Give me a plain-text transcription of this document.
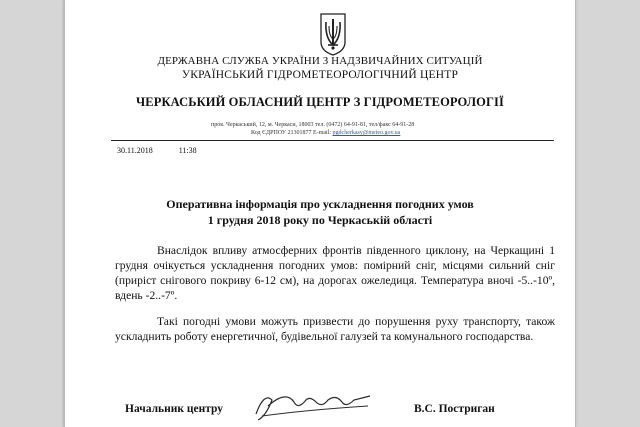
ДЕРЖАВНА СЛУЖБА УКРАЇНИ З НАДЗВИЧАЙНИХ СИТУАЦІЙ
УКРАЇНСЬКИЙ ГІДРОМЕТЕОРОЛОГІЧНИЙ ЦЕНТР
ЧЕРКАСЬКИЙ ОБЛАСНИЙ ЦЕНТР З ГІДРОМЕТЕОРОЛОГІЇ
пров. Черкаський, 12, м. Черкаси, 18003 тел. (0472) 64-91-81, тел/факс 64-91-28
Код ЄДРПОУ 21301877 E-mail: pgdcherkasy@meteo.gov.ua
30.11.2018	11:38
Оперативна інформація про ускладнення погодних умов
1 грудня 2018 року по Черкаській області
Внаслідок впливу атмосферних фронтів південного циклону, на Черкащині 1 грудня очікується ускладнення погодних умов: помірний сніг, місцями сильний сніг (приріст снігового покриву 6-12 см), на дорогах ожеледиця. Температура вночі -5..-10º, вдень -2..-7º.
Такі погодні умови можуть призвести до порушення руху транспорту, також ускладнить роботу енергетичної, будівельної галузей та комунального господарства.
Начальник центру	В.С. Постриган
